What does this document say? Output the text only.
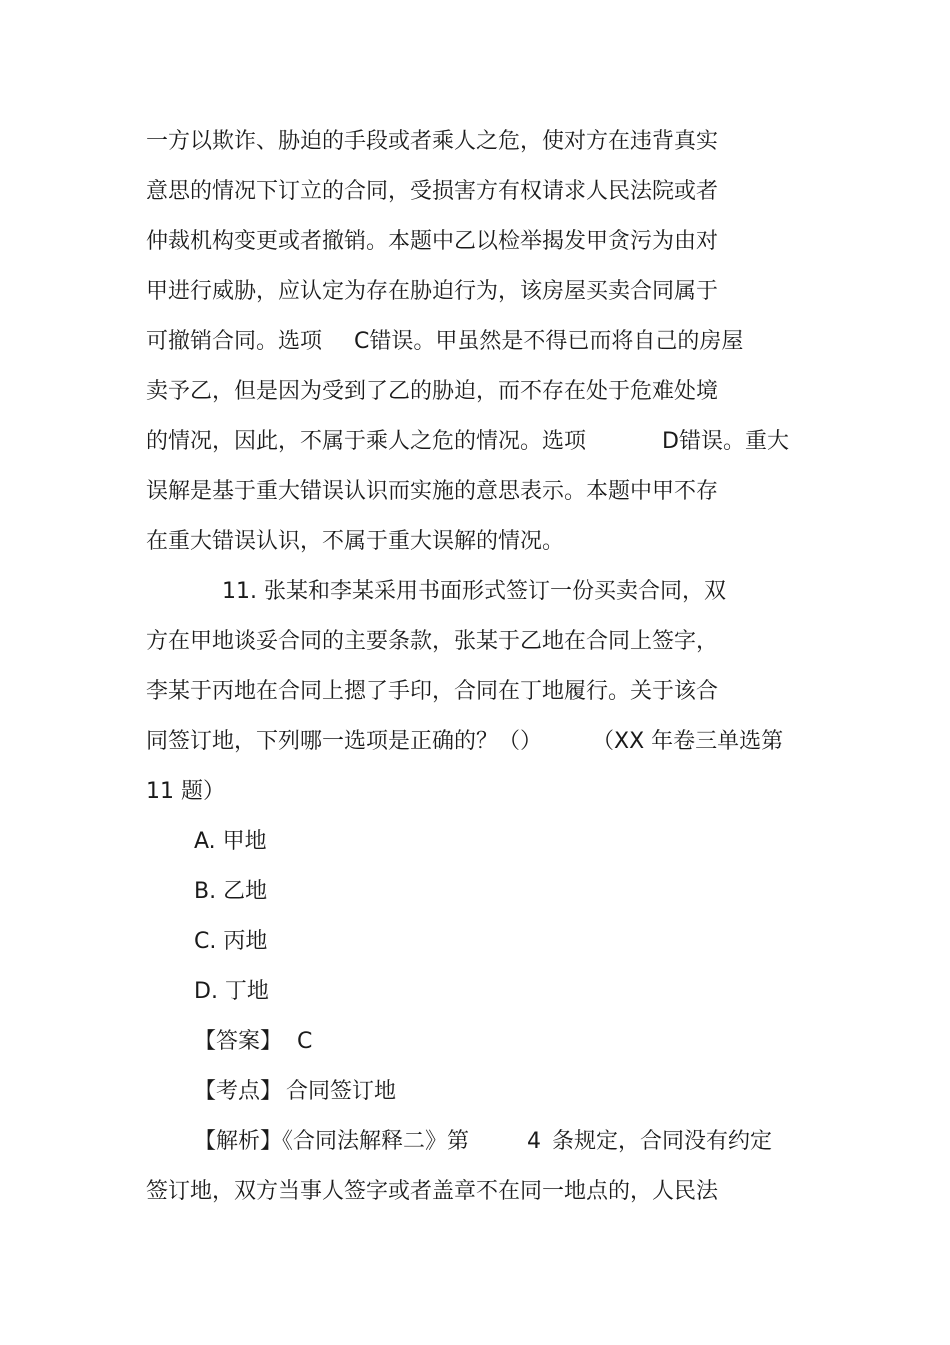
一方以欺诈、胁迫的手段或者乘人之危，使对方在违背真实

意思的情况下订立的合同，受损害方有权请求人民法院或者

仲裁机构变更或者撤销。本题中乙以检举揭发甲贪污为由对

甲进行威胁，应认定为存在胁迫行为，该房屋买卖合同属于

可撤销合同。选项

C错误。甲虽然是不得已而将自己的房屋

卖予乙，但是因为受到了乙的胁迫，而不存在处于危难处境

的情况，因此，不属于乘人之危的情况。选项

	D错误。重大

误解是基于重大错误认识而实施的意思表示。本题中甲不存

在重大错误认识，不属于重大误解的情况。

11. 张某和李某采用书面形式签订一份买卖合同，双

方在甲地谈妥合同的主要条款，张某于乙地在合同上签字，

李某于丙地在合同上摁了手印，合同在丁地履行。关于该合

同签订地，下列哪一选项是正确的？（）

（XX 年卷三单选第

11 题）

A. 甲地

B. 乙地

C. 丙地

D. 丁地

【答案】

C

【考点】

合同签订地

【解析】《合同法解释二》第

	4

条规定，合同没有约定

签订地，双方当事人签字或者盖章不在同一地点的，人民法
